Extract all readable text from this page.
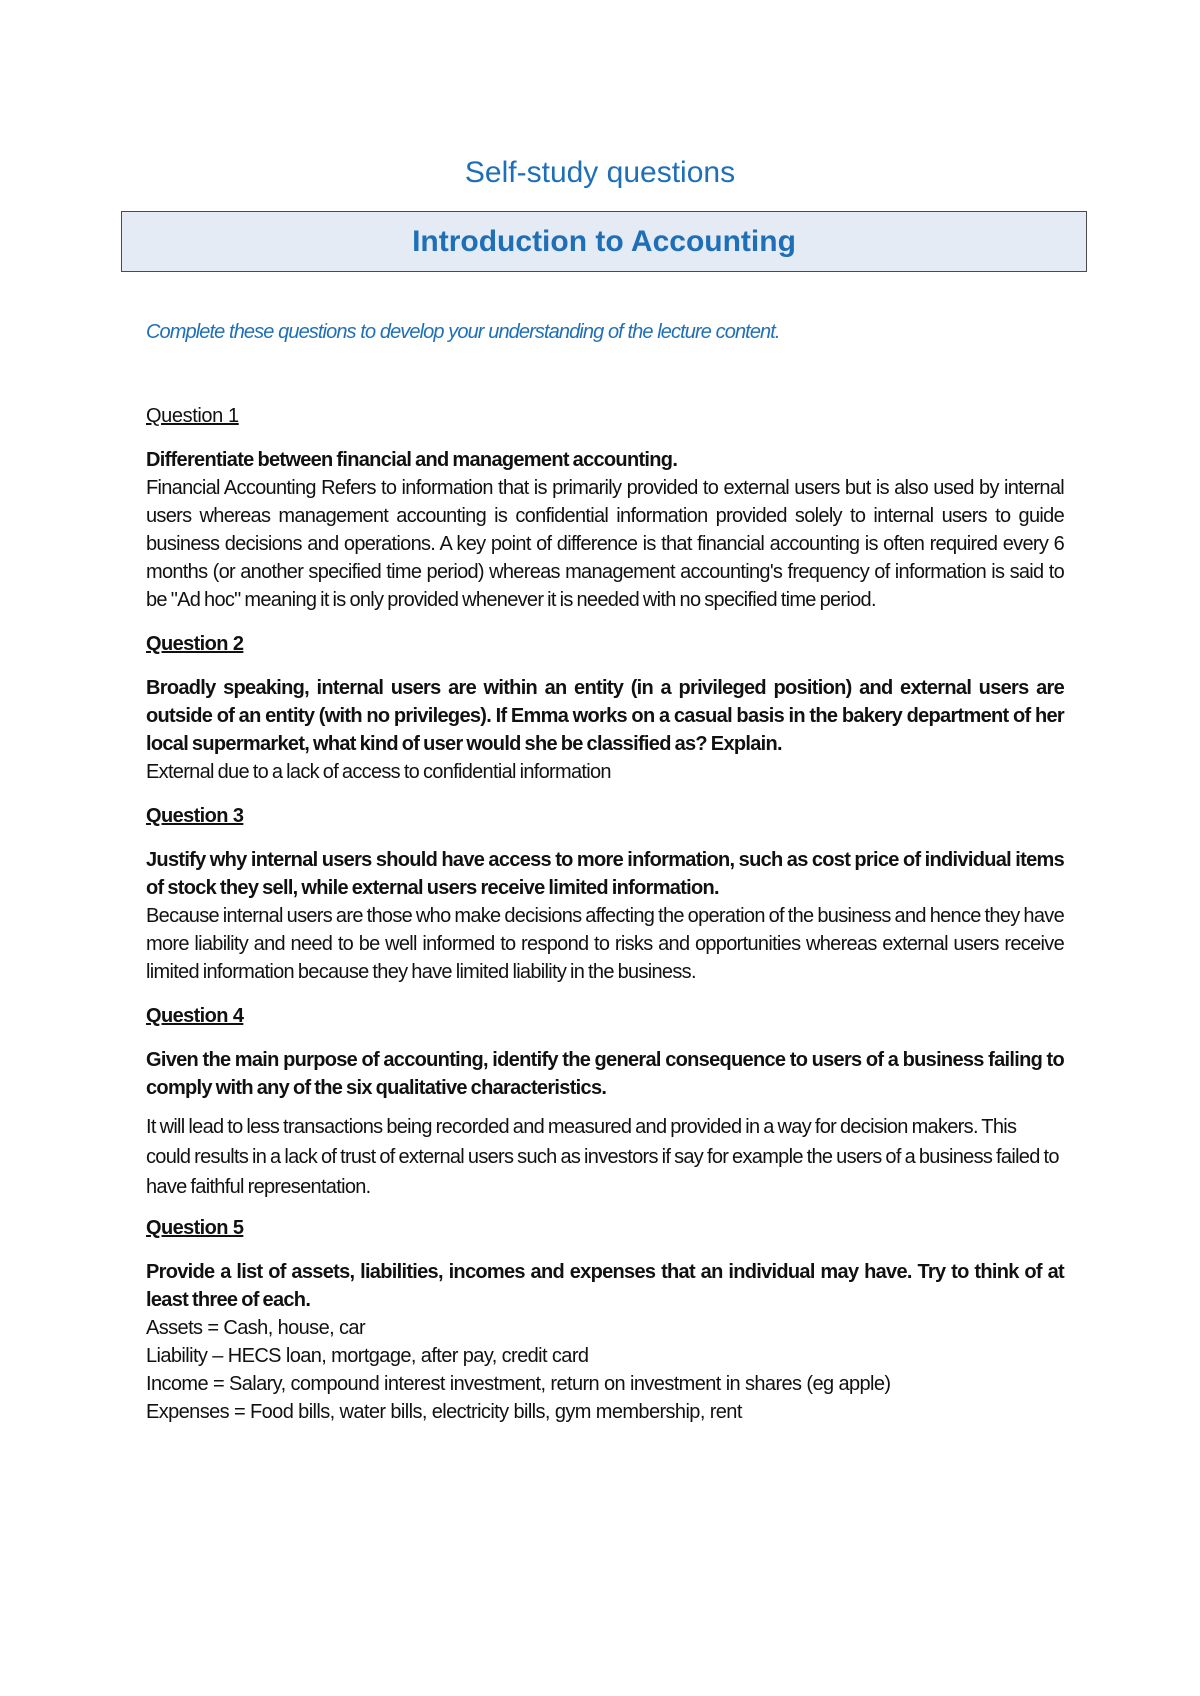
Self-study questions
Introduction to Accounting

Complete these questions to develop your understanding of the lecture content.

Question 1

Differentiate between financial and management accounting.

Financial Accounting Refers to information that is primarily provided to external users but is also used by internal users whereas management accounting is confidential information provided solely to internal users to guide business decisions and operations. A key point of difference is that financial accounting is often required every 6 months (or another specified time period) whereas management accounting's frequency of information is said to be "Ad hoc" meaning it is only provided whenever it is needed with no specified time period.

Question 2

Broadly speaking, internal users are within an entity (in a privileged position) and external users are outside of an entity (with no privileges). If Emma works on a casual basis in the bakery department of her local supermarket, what kind of user would she be classified as? Explain.

External due to a lack of access to confidential information

Question 3

Justify why internal users should have access to more information, such as cost price of individual items of stock they sell, while external users receive limited information.

Because internal users are those who make decisions affecting the operation of the business and hence they have more liability and need to be well informed to respond to risks and opportunities whereas external users receive limited information because they have limited liability in the business.

Question 4

Given the main purpose of accounting, identify the general consequence to users of a business failing to comply with any of the six qualitative characteristics.

It will lead to less transactions being recorded and measured and provided in a way for decision makers. This could results in a lack of trust of external users such as investors if say for example the users of a business failed to have faithful representation.

Question 5

Provide a list of assets, liabilities, incomes and expenses that an individual may have. Try to think of at least three of each.

Assets = Cash, house, car

Liability – HECS loan, mortgage, after pay, credit card

Income = Salary, compound interest investment, return on investment in shares (eg apple)

Expenses = Food bills, water bills, electricity bills, gym membership, rent
